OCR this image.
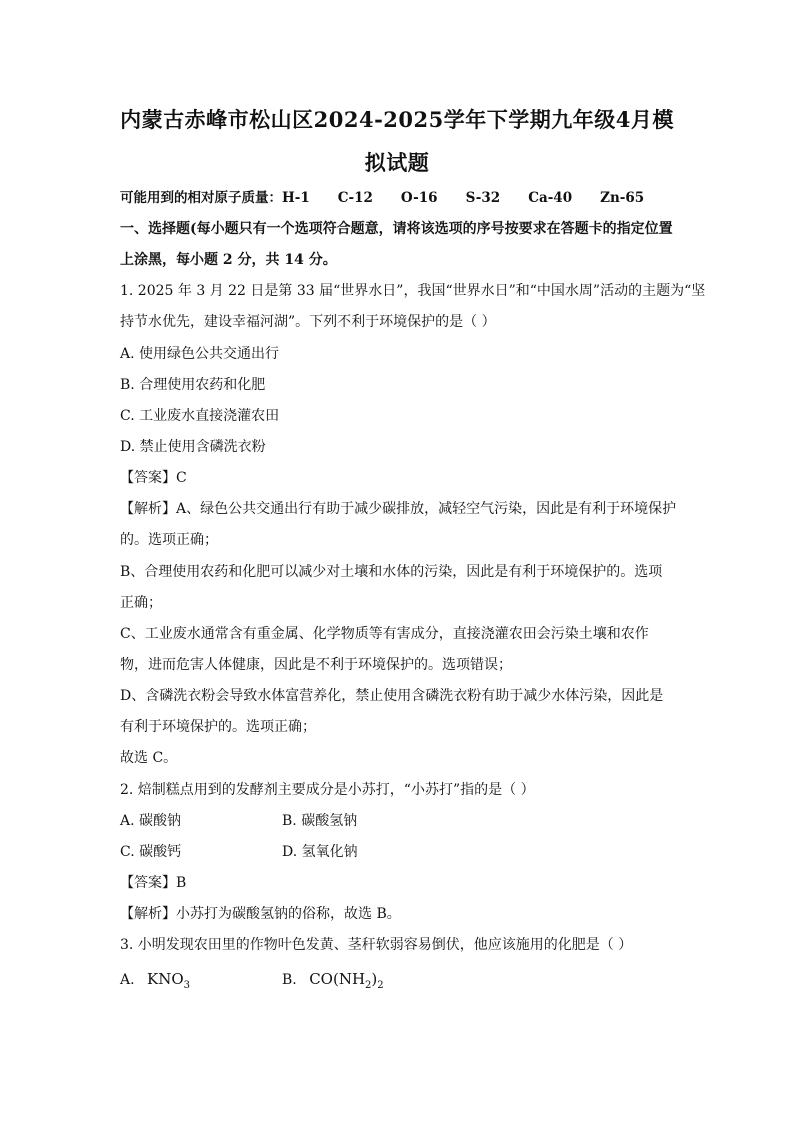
内蒙古赤峰市松山区2024-2025学年下学期九年级4月模
拟试题
可能用到的相对原子质量：H-1 C-12 O-16 S-32 Ca-40 Zn-65
一、选择题(每小题只有一个选项符合题意，请将该选项的序号按要求在答题卡的指定位置
上涂黑，每小题 2 分，共 14 分。
1. 2025 年 3 月 22 日是第 33 届“世界水日”，我国“世界水日”和“中国水周”活动的主题为“坚
持节水优先，建设幸福河湖”。下列不利于环境保护的是（ ）
A. 使用绿色公共交通出行
B. 合理使用农药和化肥
C. 工业废水直接浇灌农田
D. 禁止使用含磷洗衣粉
【答案】C
【解析】A、绿色公共交通出行有助于减少碳排放，减轻空气污染，因此是有利于环境保护
的。选项正确；
B、合理使用农药和化肥可以减少对土壤和水体的污染，因此是有利于环境保护的。选项
正确；
C、工业废水通常含有重金属、化学物质等有害成分，直接浇灌农田会污染土壤和农作
物，进而危害人体健康，因此是不利于环境保护的。选项错误；
D、含磷洗衣粉会导致水体富营养化，禁止使用含磷洗衣粉有助于减少水体污染，因此是
有利于环境保护的。选项正确；
故选 C。
2. 焙制糕点用到的发酵剂主要成分是小苏打，“小苏打”指的是（ ）
A. 碳酸钠	B. 碳酸氢钠
C. 碳酸钙	D. 氢氧化钠
【答案】B
【解析】小苏打为碳酸氢钠的俗称，故选 B。
3. 小明发现农田里的作物叶色发黄、茎秆软弱容易倒伏，他应该施用的化肥是（ ）
A. $KNO_3$	B. $CO(NH_2)_2$
